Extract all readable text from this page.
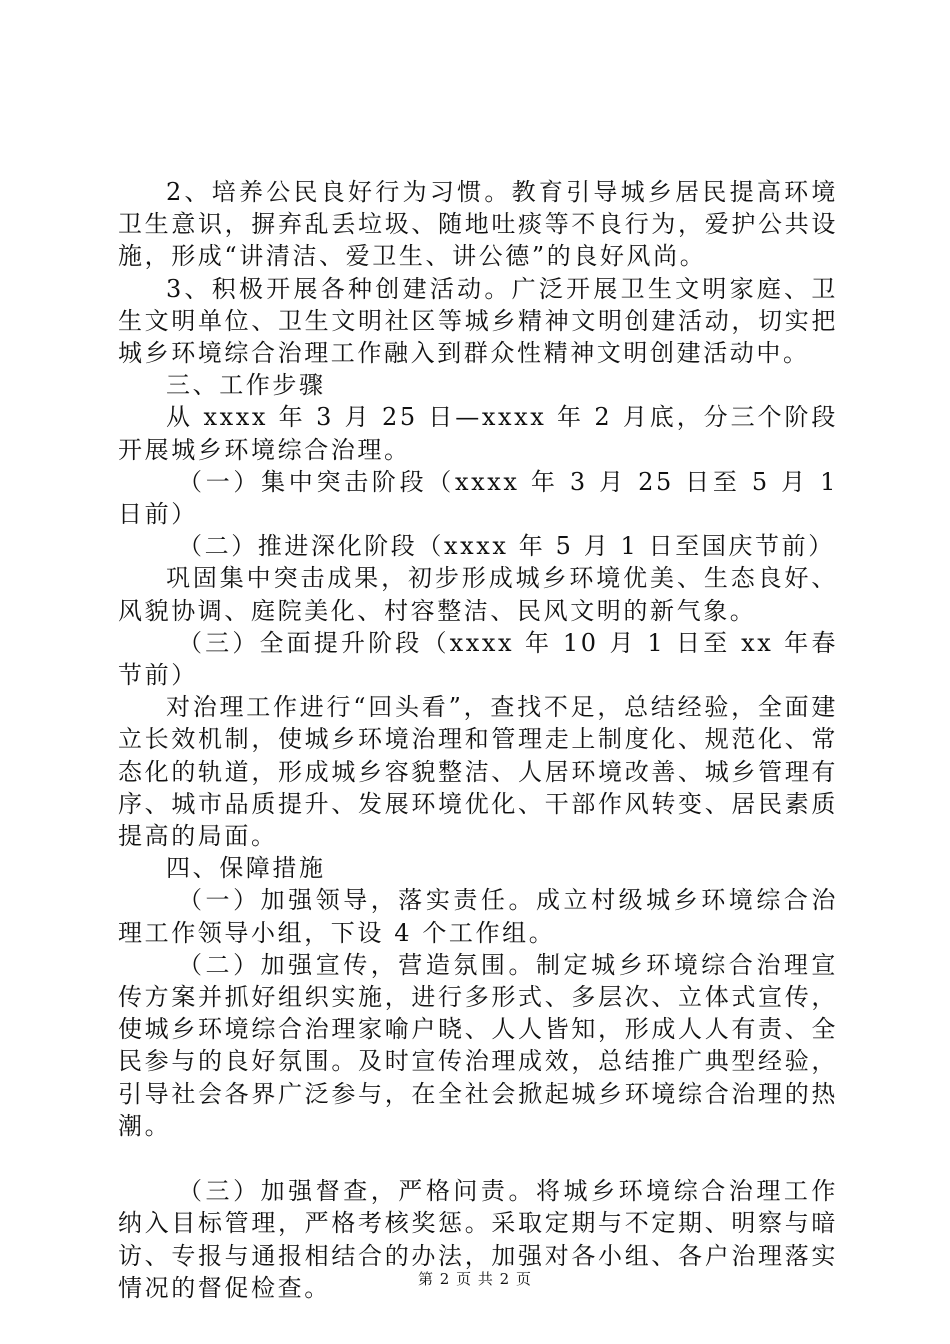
2、培养公民良好行为习惯。教育引导城乡居民提高环境卫生意识，摒弃乱丢垃圾、随地吐痰等不良行为，爱护公共设施，形成“讲清洁、爱卫生、讲公德”的良好风尚。

3、积极开展各种创建活动。广泛开展卫生文明家庭、卫生文明单位、卫生文明社区等城乡精神文明创建活动，切实把城乡环境综合治理工作融入到群众性精神文明创建活动中。

三、工作步骤

从 xxxx 年 3 月 25 日—xxxx 年 2 月底，分三个阶段开展城乡环境综合治理。

（一）集中突击阶段（xxxx 年 3 月 25 日至 5 月 1 日前）

（二）推进深化阶段（xxxx 年 5 月 1 日至国庆节前）

巩固集中突击成果，初步形成城乡环境优美、生态良好、风貌协调、庭院美化、村容整洁、民风文明的新气象。

（三）全面提升阶段（xxxx 年 10 月 1 日至 xx 年春节前）

对治理工作进行“回头看”，查找不足，总结经验，全面建立长效机制，使城乡环境治理和管理走上制度化、规范化、常态化的轨道，形成城乡容貌整洁、人居环境改善、城乡管理有序、城市品质提升、发展环境优化、干部作风转变、居民素质提高的局面。

四、保障措施

（一）加强领导，落实责任。成立村级城乡环境综合治理工作领导小组，下设 4 个工作组。

（二）加强宣传，营造氛围。制定城乡环境综合治理宣传方案并抓好组织实施，进行多形式、多层次、立体式宣传，使城乡环境综合治理家喻户晓、人人皆知，形成人人有责、全民参与的良好氛围。及时宣传治理成效，总结推广典型经验，引导社会各界广泛参与，在全社会掀起城乡环境综合治理的热潮。

（三）加强督查，严格问责。将城乡环境综合治理工作纳入目标管理，严格考核奖惩。采取定期与不定期、明察与暗访、专报与通报相结合的办法，加强对各小组、各户治理落实情况的督促检查。	第 2 页 共 2 页
